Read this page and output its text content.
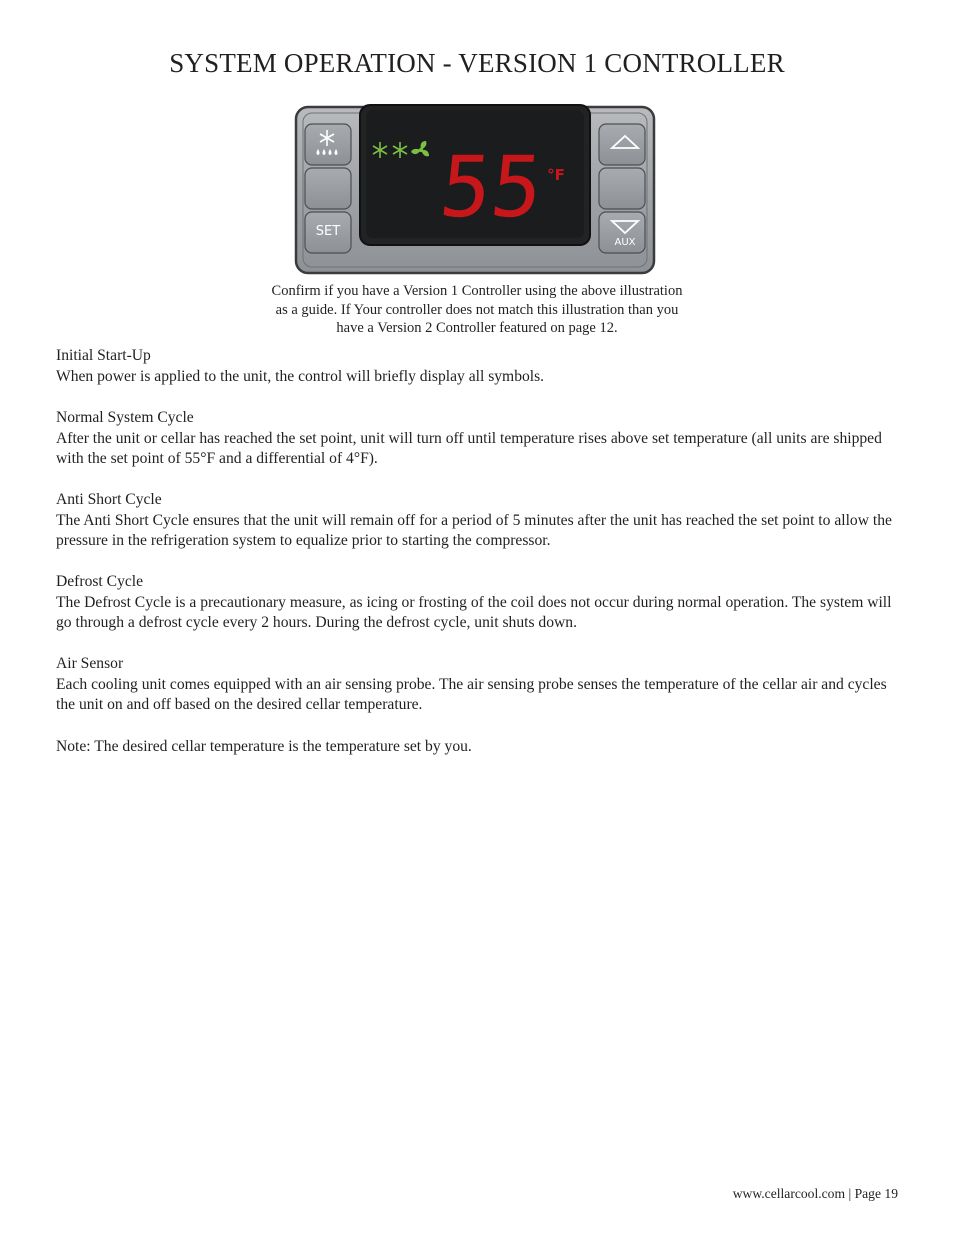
SYSTEM OPERATION - VERSION 1 CONTROLLER
55 °F
SET
AUX
Confirm if you have a Version 1 Controller using the above illustration
as a guide. If Your controller does not match this illustration than you
have a Version 2 Controller featured on page 12.
Initial Start-Up
When power is applied to the unit, the control will briefly display all symbols.
Normal System Cycle
After the unit or cellar has reached the set point, unit will turn off until temperature rises above set temperature (all units are shipped with the set point of 55°F and a differential of 4°F).
Anti Short Cycle
The Anti Short Cycle ensures that the unit will remain off for a period of 5 minutes after the unit has reached the set point to allow the pressure in the refrigeration system to equalize prior to starting the compressor.
Defrost Cycle
The Defrost Cycle is a precautionary measure, as icing or frosting of the coil does not occur during normal operation. The system will go through a defrost cycle every 2 hours. During the defrost cycle, unit shuts down.
Air Sensor
Each cooling unit comes equipped with an air sensing probe. The air sensing probe senses the temperature of the cellar air and cycles the unit on and off based on the desired cellar temperature.
Note: The desired cellar temperature is the temperature set by you.
www.cellarcool.com | Page 19
